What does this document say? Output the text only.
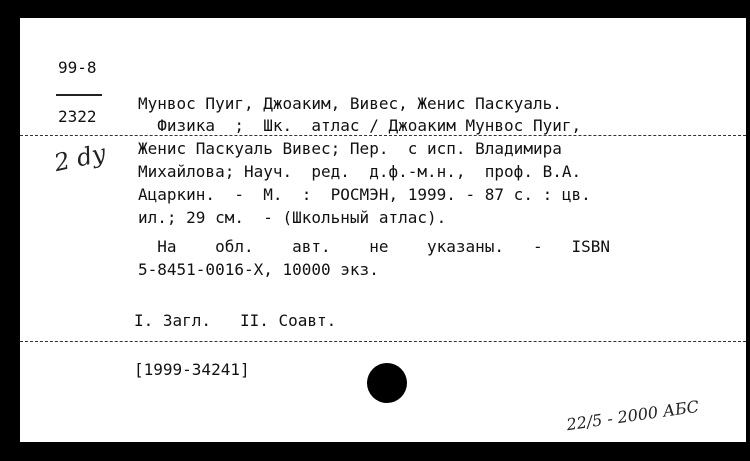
99-8
2322
2 dy
Мунвос Пуиг, Джоаким, Вивес, Женис Паскуаль.
Физика  ;  Шк.  атлас / Джоаким Мунвос Пуиг,
Женис Паскуаль Вивес; Пер.  с исп. Владимира
Михайлова; Науч.  ред.  д.ф.-м.н.,  проф. В.А.
Ацаркин.  -  М.  :  РОСМЭН, 1999. - 87 с. : цв.
ил.; 29 см.  - (Школьный атлас).
На    обл.    авт.    не    указаны.   -   ISBN
5-8451-0016-Х, 10000 экз.
I. Загл.   II. Соавт.
[1999-34241]
22/5 - 2000 АБС
